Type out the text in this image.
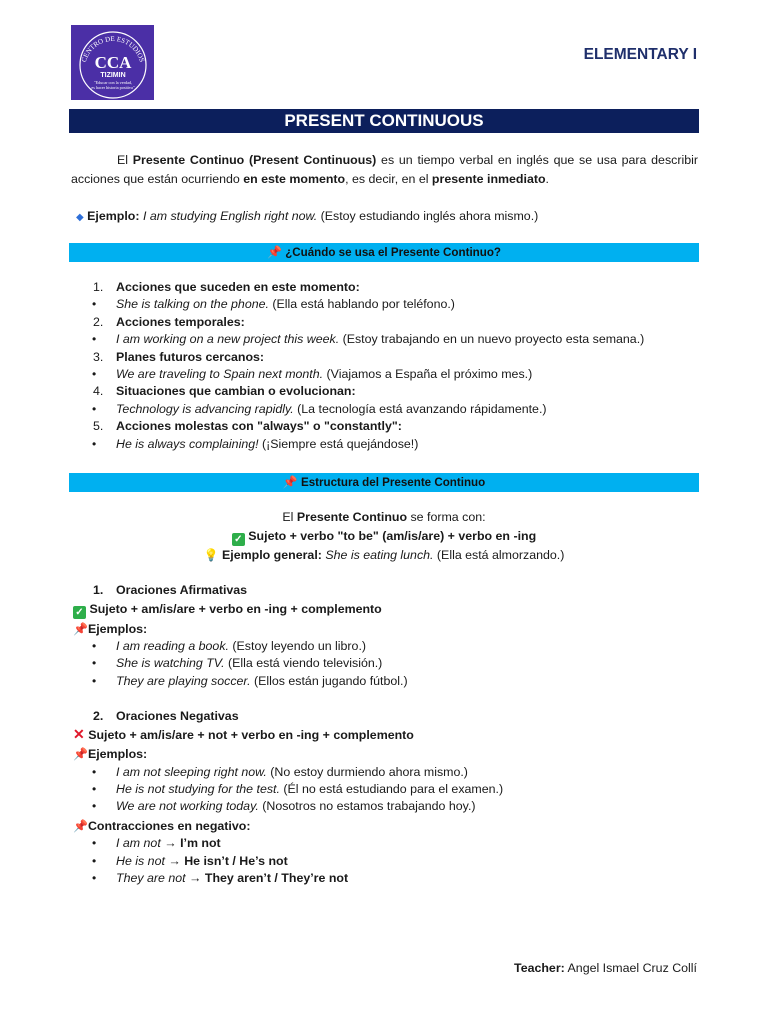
CENTRO DE ESTUDIOS
CCA
TIZIMIN
"Educar con la verdad,
es hacer historia positiva"
ELEMENTARY I
PRESENT CONTINUOUS
El Presente Continuo (Present Continuous) es un tiempo verbal en inglés que se usa para describir acciones que están ocurriendo en este momento, es decir, en el presente inmediato.
◆ Ejemplo: I am studying English right now. (Estoy estudiando inglés ahora mismo.)
📌 ¿Cuándo se usa el Presente Continuo?
1. Acciones que suceden en este momento:
• She is talking on the phone. (Ella está hablando por teléfono.)
2. Acciones temporales:
• I am working on a new project this week. (Estoy trabajando en un nuevo proyecto esta semana.)
3. Planes futuros cercanos:
• We are traveling to Spain next month. (Viajamos a España el próximo mes.)
4. Situaciones que cambian o evolucionan:
• Technology is advancing rapidly. (La tecnología está avanzando rápidamente.)
5. Acciones molestas con "always" o "constantly":
• He is always complaining! (¡Siempre está quejándose!)
📌 Estructura del Presente Continuo
El Presente Continuo se forma con:
✓ Sujeto + verbo "to be" (am/is/are) + verbo en -ing
💡 Ejemplo general: She is eating lunch. (Ella está almorzando.)
1. Oraciones Afirmativas
✓ Sujeto + am/is/are + verbo en -ing + complemento
📌Ejemplos:
• I am reading a book. (Estoy leyendo un libro.)
• She is watching TV. (Ella está viendo televisión.)
• They are playing soccer. (Ellos están jugando fútbol.)
2. Oraciones Negativas
✕ Sujeto + am/is/are + not + verbo en -ing + complemento
📌Ejemplos:
• I am not sleeping right now. (No estoy durmiendo ahora mismo.)
• He is not studying for the test. (Él no está estudiando para el examen.)
• We are not working today. (Nosotros no estamos trabajando hoy.)
📌Contracciones en negativo:
• I am not → I’m not
• He is not → He isn’t / He’s not
• They are not → They aren’t / They’re not
Teacher: Angel Ismael Cruz Collí
